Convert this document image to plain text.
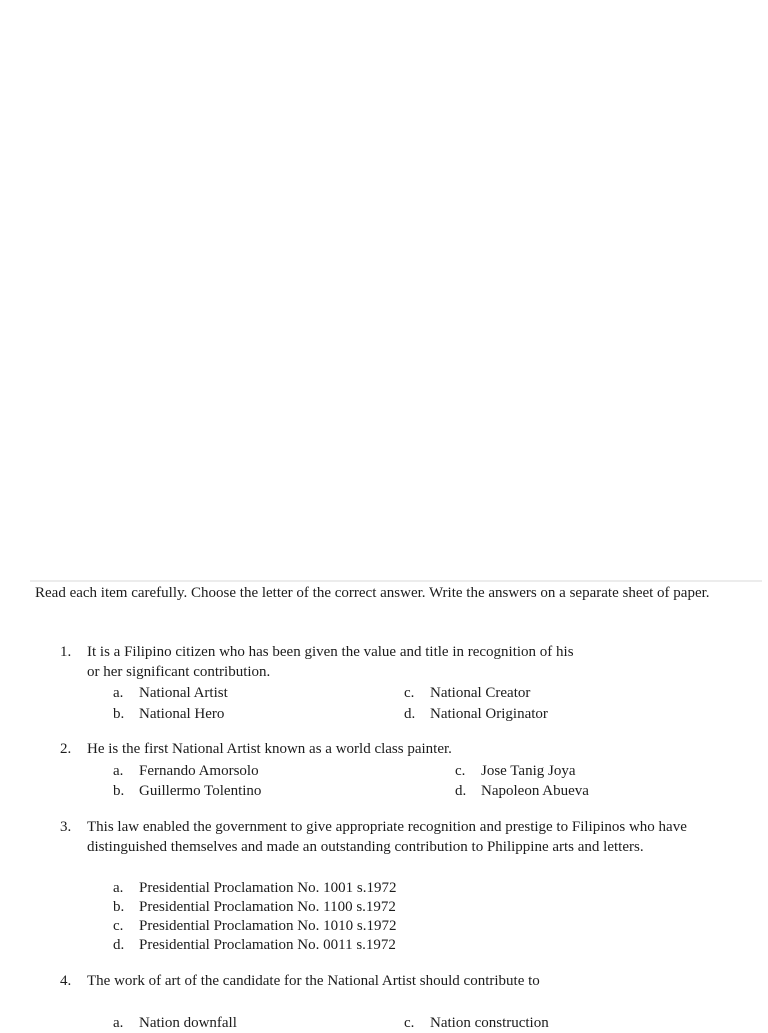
Read each item carefully. Choose the letter of the correct answer. Write the answers on a separate sheet of paper.
1. It is a Filipino citizen who has been given the value and title in recognition of his or her significant contribution.
a. National Artist
b. National Hero
c. National Creator
d. National Originator
2. He is the first National Artist known as a world class painter.
a. Fernando Amorsolo
b. Guillermo Tolentino
c. Jose Tanig Joya
d. Napoleon Abueva
3. This law enabled the government to give appropriate recognition and prestige to Filipinos who have distinguished themselves and made an outstanding contribution to Philippine arts and letters.
a. Presidential Proclamation No. 1001 s.1972
b. Presidential Proclamation No. 1100 s.1972
c. Presidential Proclamation No. 1010 s.1972
d. Presidential Proclamation No. 0011 s.1972
4. The work of art of the candidate for the National Artist should contribute to
a. Nation downfall	c. Nation construction
